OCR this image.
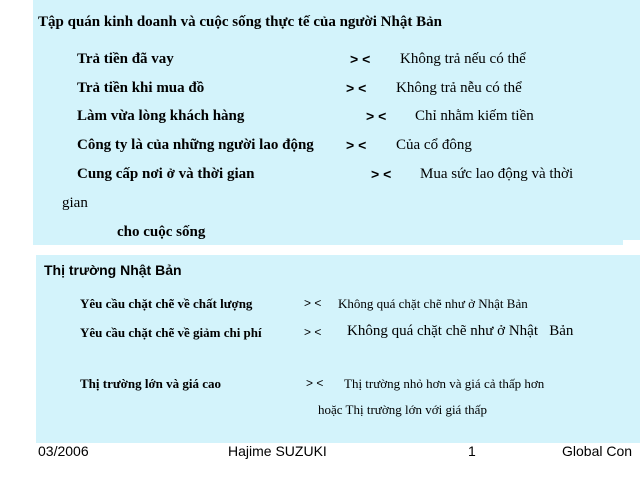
Tập quán kinh doanh và cuộc sống thực tế của người Nhật Bản
Trả tiền đã vay	> < Không trả nếu có thể
Trả tiền khi mua đồ	> < Không trả nễu có thể
Làm vừa lòng khách hàng	> < Chỉ nhằm kiếm tiền
Công ty là của những người lao động > < Của cổ đông
Cung cấp nơi ở và thời gian	> < Mua sức lao động và thời
gian
cho cuộc sống
Thị trường Nhật Bản
Yêu cầu chặt chẽ về chất lượng	> < Không quá chặt chẽ như ở Nhật Bản
Yêu cầu chặt chẽ về giảm chi phí	> < Không quá chặt chẽ như ở Nhật   Bản
Thị trường lớn và giá cao	> < Thị trường nhỏ hơn và giá cả thấp hơn
hoặc Thị trường lớn với giá thấp
03/2006	Hajime SUZUKI	1	Global Con
